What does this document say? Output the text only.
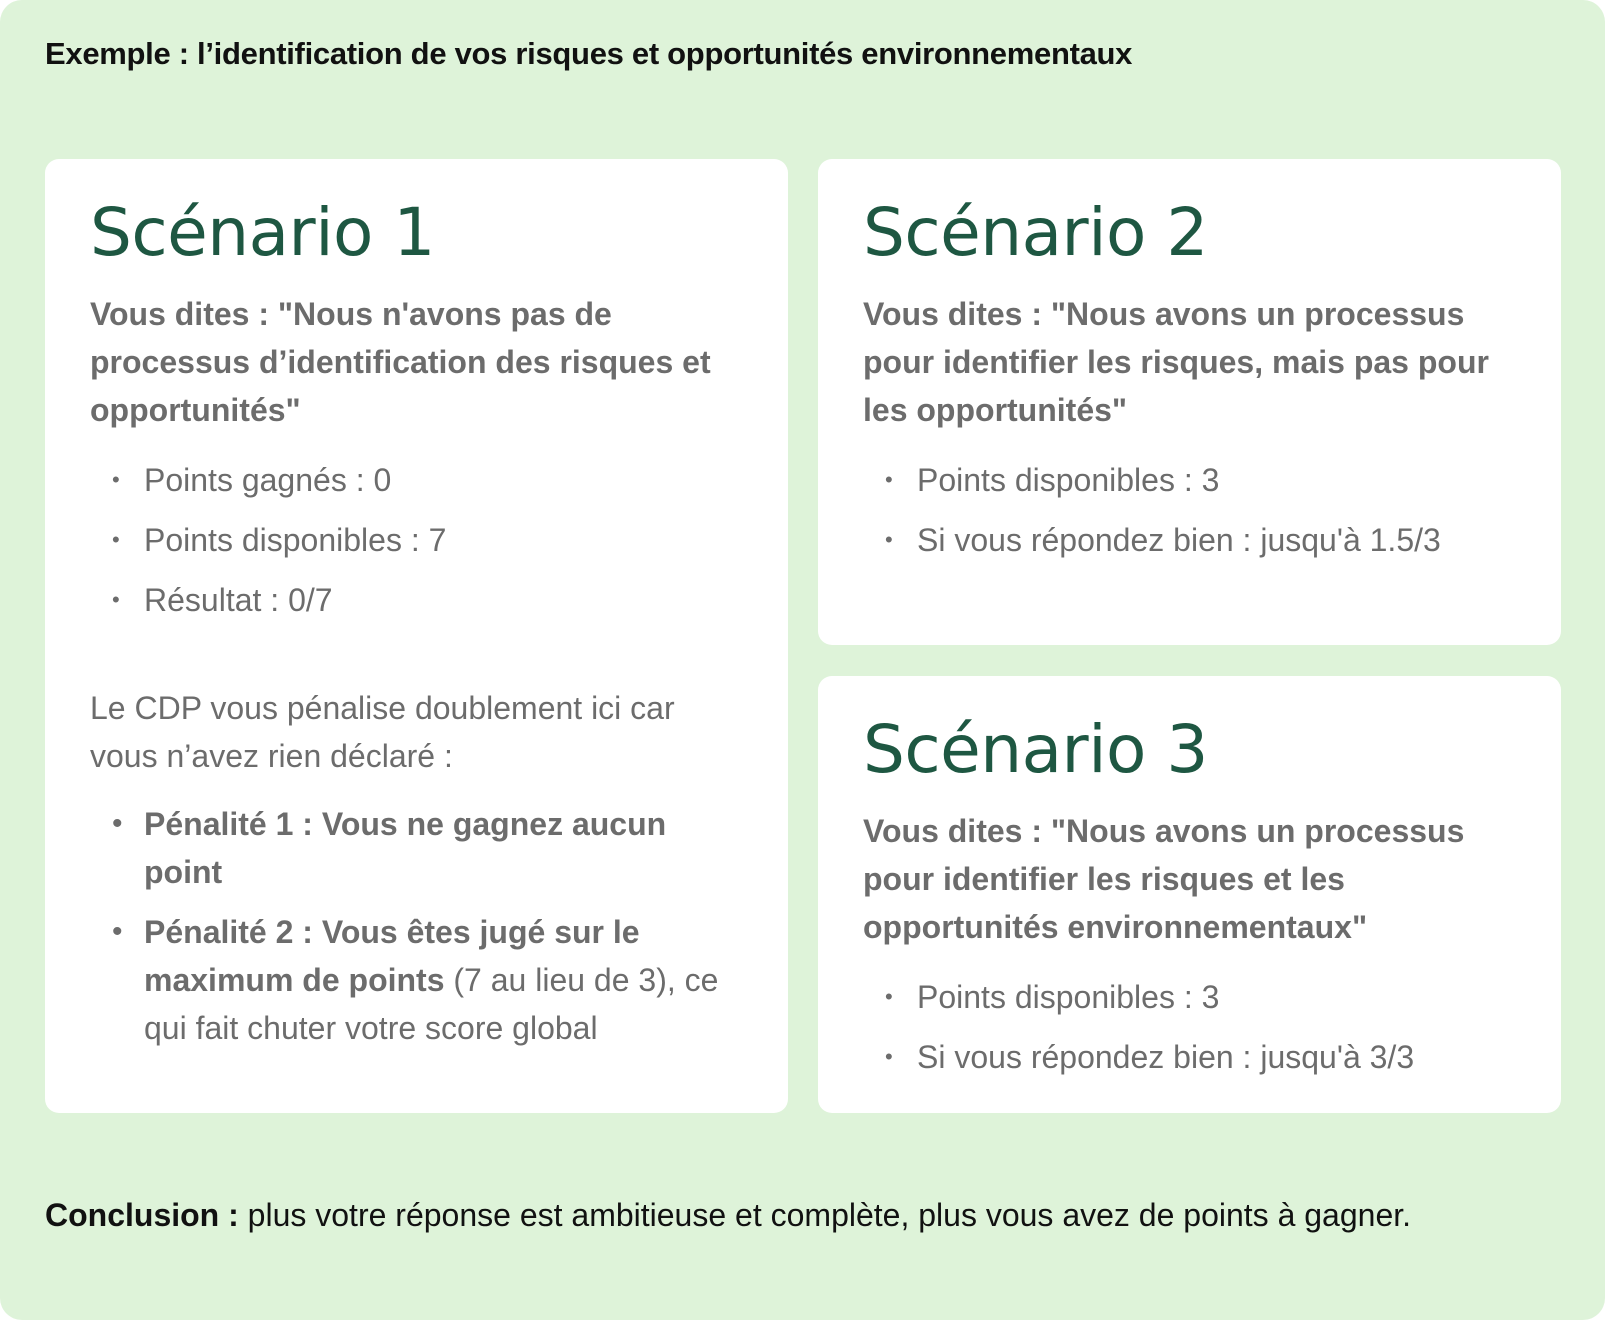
Exemple : l’identification de vos risques et opportunités environnementaux
Scénario 1

Vous dites : "Nous n'avons pas de processus d’identification des risques et opportunités"

• Points gagnés : 0
• Points disponibles : 7
• Résultat : 0/7

Le CDP vous pénalise doublement ici car vous n’avez rien déclaré :

• Pénalité 1 : Vous ne gagnez aucun point
• Pénalité 2 : Vous êtes jugé sur le maximum de points (7 au lieu de 3), ce qui fait chuter votre score global
Scénario 2

Vous dites : "Nous avons un processus pour identifier les risques, mais pas pour les opportunités"

• Points disponibles : 3
• Si vous répondez bien : jusqu'à 1.5/3
Scénario 3

Vous dites : "Nous avons un processus pour identifier les risques et les opportunités environnementaux"

• Points disponibles : 3
• Si vous répondez bien : jusqu'à 3/3
Conclusion : plus votre réponse est ambitieuse et complète, plus vous avez de points à gagner.
